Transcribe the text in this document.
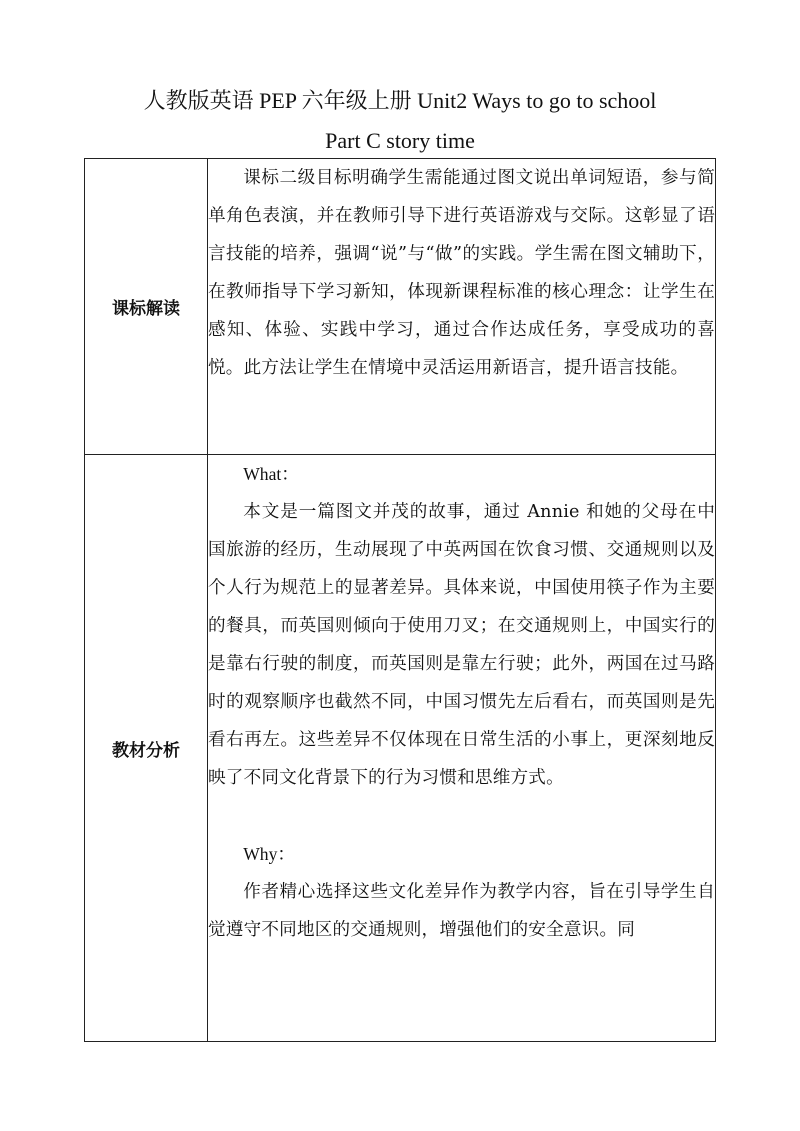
人教版英语 PEP 六年级上册 Unit2 Ways to go to school
Part C story time
课标解读	课标二级目标明确学生需能通过图文说出单词短语，参与简单角色表演，并在教师引导下进行英语游戏与交际。这彰显了语言技能的培养，强调“说”与“做”的实践。学生需在图文辅助下，在教师指导下学习新知，体现新课程标准的核心理念：让学生在感知、体验、实践中学习，通过合作达成任务，享受成功的喜悦。此方法让学生在情境中灵活运用新语言，提升语言技能。

教材分析	What：

本文是一篇图文并茂的故事，通过 Annie 和她的父母在中国旅游的经历，生动展现了中英两国在饮食习惯、交通规则以及个人行为规范上的显著差异。具体来说，中国使用筷子作为主要的餐具，而英国则倾向于使用刀叉；在交通规则上，中国实行的是靠右行驶的制度，而英国则是靠左行驶；此外，两国在过马路时的观察顺序也截然不同，中国习惯先左后看右，而英国则是先看右再左。这些差异不仅体现在日常生活的小事上，更深刻地反映了不同文化背景下的行为习惯和思维方式。

Why：

作者精心选择这些文化差异作为教学内容，旨在引导学生自觉遵守不同地区的交通规则，增强他们的安全意识。同
